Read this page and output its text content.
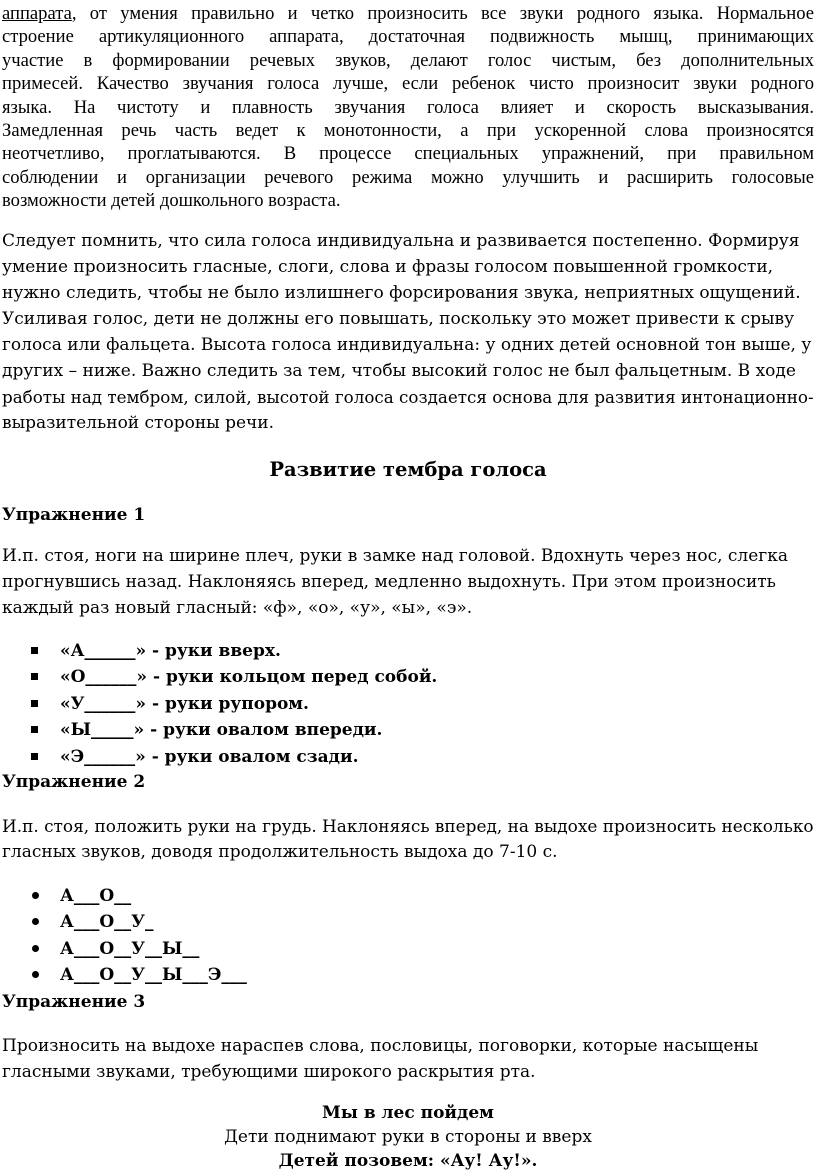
аппарата, от умения правильно и четко произносить все звуки родного языка. Нормальное
строение артикуляционного аппарата, достаточная подвижность мышц, принимающих
участие в формировании речевых звуков, делают голос чистым, без дополнительных
примесей. Качество звучания голоса лучше, если ребенок чисто произносит звуки родного
языка. На чистоту и плавность звучания голоса влияет и скорость высказывания.
Замедленная речь часть ведет к монотонности, а при ускоренной слова произносятся
неотчетливо, проглатываются. В процессе специальных упражнений, при правильном
соблюдении и организации речевого режима можно улучшить и расширить голосовые
возможности детей дошкольного возраста.
Следует помнить, что сила голоса индивидуальна и развивается постепенно. Формируя
умение произносить гласные, слоги, слова и фразы голосом повышенной громкости,
нужно следить, чтобы не было излишнего форсирования звука, неприятных ощущений.
Усиливая голос, дети не должны его повышать, поскольку это может привести к срыву
голоса или фальцета. Высота голоса индивидуальна: у одних детей основной тон выше, у
других – ниже. Важно следить за тем, чтобы высокий голос не был фальцетным. В ходе
работы над тембром, силой, высотой голоса создается основа для развития интонационно-
выразительной стороны речи.
Развитие тембра голоса

Упражнение 1

И.п. стоя, ноги на ширине плеч, руки в замке над головой. Вдохнуть через нос, слегка
прогнувшись назад. Наклоняясь вперед, медленно выдохнуть. При этом произносить
каждый раз новый гласный: «ф», «о», «у», «ы», «э».
«А______» - руки вверх.
«О______» - руки кольцом перед собой.
«У______» - руки рупором.
«Ы_____» - руки овалом впереди.
«Э______» - руки овалом сзади.

Упражнение 2

И.п. стоя, положить руки на грудь. Наклоняясь вперед, на выдохе произносить несколько
гласных звуков, доводя продолжительность выдоха до 7-10 с.
А___О__
А___О__У_
А___О__У__Ы__
А___О__У__Ы___Э___

Упражнение 3

Произносить на выдохе нараспев слова, пословицы, поговорки, которые насыщены
гласными звуками, требующими широкого раскрытия рта.
Мы в лес пойдем
Дети поднимают руки в стороны и вверх
Детей позовем: «Ау! Ау!».
